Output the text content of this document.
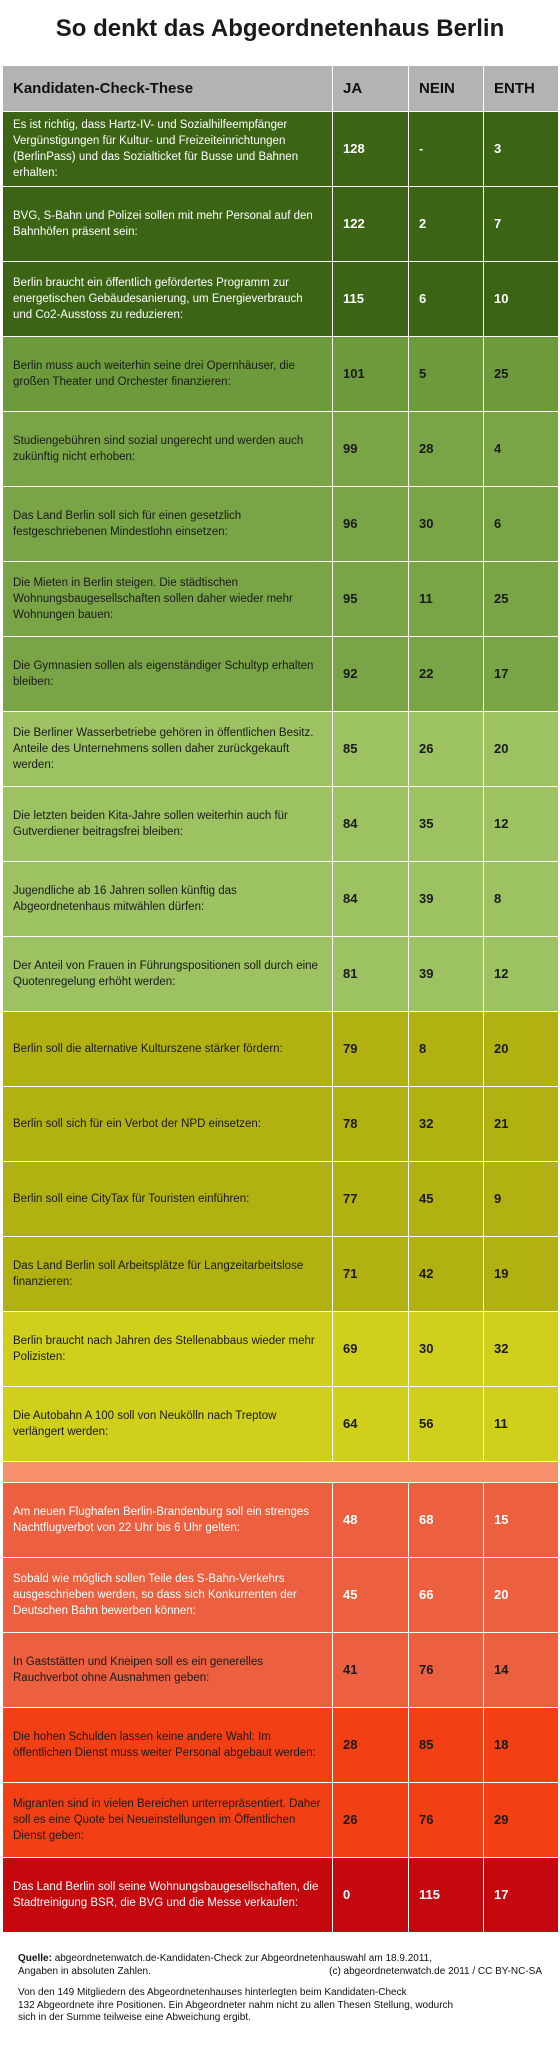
So denkt das Abgeordnetenhaus Berlin
Kandidaten-Check-These	JA	NEIN	ENTH
Es ist richtig, dass Hartz-IV- und Sozialhilfeempfänger Vergünstigungen für Kultur- und Freizeiteinrichtungen (BerlinPass) und das Sozialticket für Busse und Bahnen erhalten:	128	-	3
BVG, S-Bahn und Polizei sollen mit mehr Personal auf den Bahnhöfen präsent sein:	122	2	7
Berlin braucht ein öffentlich gefördertes Programm zur energetischen Gebäudesanierung, um Energieverbrauch und Co2-Ausstoss zu reduzieren:	115	6	10
Berlin muss auch weiterhin seine drei Opernhäuser, die großen Theater und Orchester finanzieren:	101	5	25
Studiengebühren sind sozial ungerecht und werden auch zukünftig nicht erhoben:	99	28	4
Das Land Berlin soll sich für einen gesetzlich festgeschriebenen Mindestlohn einsetzen:	96	30	6
Die Mieten in Berlin steigen. Die städtischen Wohnungsbaugesellschaften sollen daher wieder mehr Wohnungen bauen:	95	11	25
Die Gymnasien sollen als eigenständiger Schultyp erhalten bleiben:	92	22	17
Die Berliner Wasserbetriebe gehören in öffentlichen Besitz. Anteile des Unternehmens sollen daher zurückgekauft werden:	85	26	20
Die letzten beiden Kita-Jahre sollen weiterhin auch für Gutverdiener beitragsfrei bleiben:	84	35	12
Jugendliche ab 16 Jahren sollen künftig das Abgeordnetenhaus mitwählen dürfen:	84	39	8
Der Anteil von Frauen in Führungspositionen soll durch eine Quotenregelung erhöht werden:	81	39	12
Berlin soll die alternative Kulturszene stärker fördern:	79	8	20
Berlin soll sich für ein Verbot der NPD einsetzen:	78	32	21
Berlin soll eine CityTax für Touristen einführen:	77	45	9
Das Land Berlin soll Arbeitsplätze für Langzeitarbeitslose finanzieren:	71	42	19
Berlin braucht nach Jahren des Stellenabbaus wieder mehr Polizisten:	69	30	32
Die Autobahn A 100 soll von Neukölln nach Treptow verlängert werden:	64	56	11

Am neuen Flughafen Berlin-Brandenburg soll ein strenges Nachtflugverbot von 22 Uhr bis 6 Uhr gelten:	48	68	15
Sobald wie möglich sollen Teile des S-Bahn-Verkehrs ausgeschrieben werden, so dass sich Konkurrenten der Deutschen Bahn bewerben können:	45	66	20
In Gaststätten und Kneipen soll es ein generelles Rauchverbot ohne Ausnahmen geben:	41	76	14
Die hohen Schulden lassen keine andere Wahl: Im öffentlichen Dienst muss weiter Personal abgebaut werden:	28	85	18
Migranten sind in vielen Bereichen unterrepräsentiert. Daher soll es eine Quote bei Neueinstellungen im Öffentlichen Dienst geben:	26	76	29
Das Land Berlin soll seine Wohnungsbaugesellschaften, die Stadtreinigung BSR, die BVG und die Messe verkaufen:	0	115	17
Quelle: abgeordnetenwatch.de-Kandidaten-Check zur Abgeordnetenhauswahl am 18.9.2011,
Angaben in absoluten Zahlen.	(c) abgeordnetenwatch.de 2011 / CC BY-NC-SA
Von den 149 Mitgliedern des Abgeordnetenhauses hinterlegten beim Kandidaten-Check
132 Abgeordnete ihre Positionen. Ein Abgeordneter nahm nicht zu allen Thesen Stellung, wodurch
sich in der Summe teilweise eine Abweichung ergibt.
